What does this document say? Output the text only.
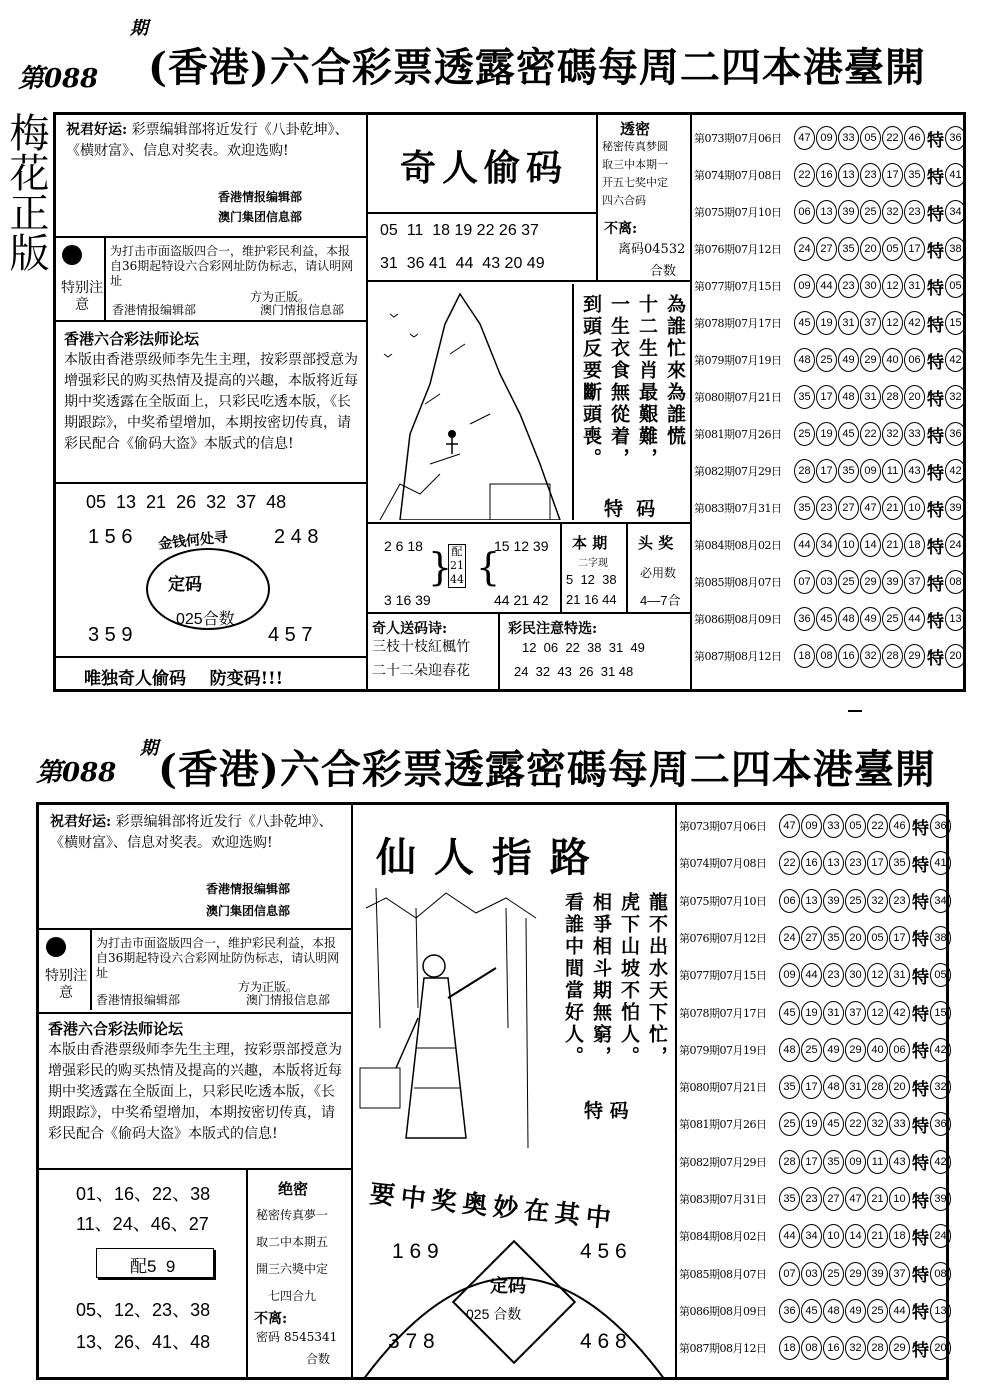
第088
期
(香港)六合彩票透露密碼每周二四本港臺開
梅花正版 祝君好运: 彩票编辑部将近发行《八卦乾坤》、《横财富》、信息对奖表。欢迎选购!
香港情报编辑部
澳门集团信息部
特别注意
为打击市面盗版四合一，维护彩民利益，本报自36期起特设六合彩网址防伪标志，请认明网址
方为正版。
香港情报编辑部	澳门情报信息部
香港六合彩法师论坛
本版由香港票级师李先生主理，按彩票部授意为增强彩民的购买热情及提高的兴趣，本版将近每期中奖透露在全版面上，只彩民吃透本版，《长期跟踪》，中奖希望增加，本期按密切传真，请彩民配合《偷码大盗》本版式的信息!
05  13  21  26  32  37  48
1 5 6	2 4 8
金钱何处寻
定码
025合数
3 5 9	4 5 7
唯独奇人偷码    防变码!!!
奇人偷码
05  11  18 19 22 26 37
31  36 41  44  43 20 49
為誰忙來為誰慌
十二生肖最艱難，
一生衣食無從着，
到頭反要斷頭喪。
特  码
透密
秘密传真梦圆
取三中本期一
开五七奖中定
四六合码
不离:
离码04532
合数
2 6 18
3 16 39
} 配
21
44 {
15 12 39
44 21 42
本 期
二字现
5  12  38
21 16 44
头 奖
必用数
4—7合
奇人送码诗:
三枝十枝紅楓竹
二十二朵迎春花
彩民注意特选:
12  06  22  38  31  49
24  32  43  26  31 48
第073期07月06日	47 09 33 05 22 46 特 36
第074期07月08日	22 16 13 23 17 35 特 41
第075期07月10日	06 13 39 25 32 23 特 34
第076期07月12日	24 27 35 20 05 17 特 38
第077期07月15日	09 44 23 30 12 31 特 05
第078期07月17日	45 19 31 37 12 42 特 15
第079期07月19日	48 25 49 29 40 06 特 42
第080期07月21日	35 17 48 31 28 20 特 32
第081期07月26日	25 19 45 22 32 33 特 36
第082期07月29日	28 17 35 09 11 43 特 42
第083期07月31日	35 23 27 47 21 10 特 39
第084期08月02日	44 34 10 14 21 18 特 24
第085期08月07日	07 03 25 29 39 37 特 08
第086期08月09日	36 45 48 49 25 44 特 13
第087期08月12日	18 08 16 32 28 29 特 20
第088
期 (香港)六合彩票透露密碼每周二四本港臺開
祝君好运: 彩票编辑部将近发行《八卦乾坤》、《横财富》、信息对奖表。欢迎选购!
香港情报编辑部
澳门集团信息部
特别注意
为打击市面盗版四合一，维护彩民利益，本报自36期起特设六合彩网址防伪标志，请认明网址
方为正版。
香港情报编辑部	澳门情报信息部
香港六合彩法师论坛
本版由香港票级师李先生主理，按彩票部授意为增强彩民的购买热情及提高的兴趣，本版将近每期中奖透露在全版面上，只彩民吃透本版，《长期跟踪》，中奖希望增加，本期按密切传真，请彩民配合《偷码大盗》本版式的信息!
01、16、22、38
11、24、46、27
配5  9
05、12、23、38
13、26、41、48
绝密
秘密传真夢一
取二中本期五
開三六獎中定
七四合九
不离:
密码 8545341
合数
仙 人 指 路
龍不出水天下忙，
虎下山坡不怕人。
相爭相斗期無窮，
看誰中間當好人。
特 码
要中奖奥妙在其中
1 6 9	4 5 6
定码
025 合数
3 7 8	4 6 8
第073期07月06日	47 09 33 05 22 46 特 36
第074期07月08日	22 16 13 23 17 35 特 41
第075期07月10日	06 13 39 25 32 23 特 34
第076期07月12日	24 27 35 20 05 17 特 38
第077期07月15日	09 44 23 30 12 31 特 05
第078期07月17日	45 19 31 37 12 42 特 15
第079期07月19日	48 25 49 29 40 06 特 42
第080期07月21日	35 17 48 31 28 20 特 32
第081期07月26日	25 19 45 22 32 33 特 36
第082期07月29日	28 17 35 09 11 43 特 42
第083期07月31日	35 23 27 47 21 10 特 39
第084期08月02日	44 34 10 14 21 18 特 24
第085期08月07日	07 03 25 29 39 37 特 08
第086期08月09日	36 45 48 49 25 44 特 13
第087期08月12日	18 08 16 32 28 29 特 20
